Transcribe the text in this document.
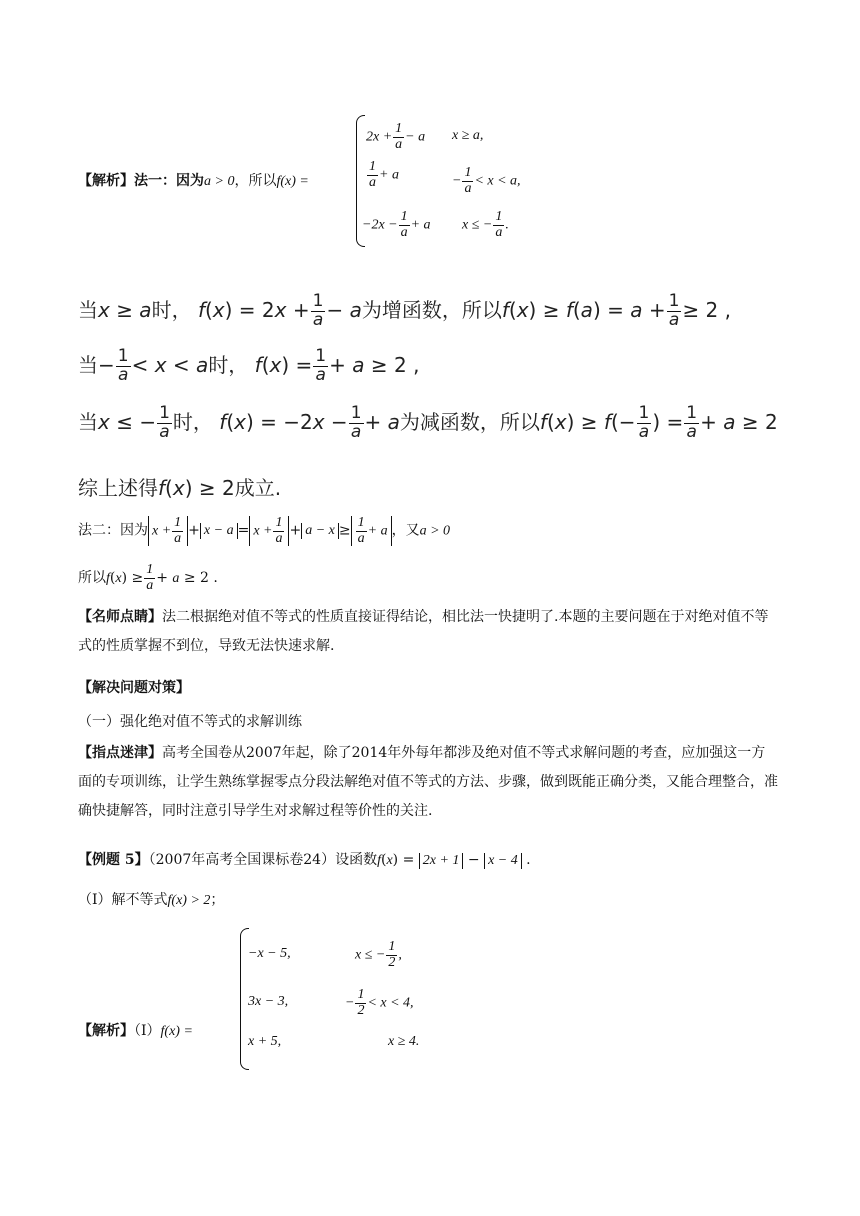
【解析】法一：因为a > 0，所以f(x) =
$2x + \frac{1}{a} - a$ x ≥ a,
$\frac{1}{a} + a$	− $\frac{1}{a} < x < a$,
$-2x - \frac{1}{a} + a$ x ≤ − $\frac{1}{a}$ .
当x ≥ a时， $f(x) = 2x + \frac{1}{a} - a$为增函数，所以$f(x) \ge f(a) = a + \frac{1}{a} \ge 2$ ,
当− $\frac{1}{a} < x < a$时， $f(x) = \frac{1}{a} + a \ge 2$ ,
当x ≤ − $\frac{1}{a}$ 时， $f(x) = -2x - \frac{1}{a} + a$为减函数，所以$f(x) \ge f(- \frac{1}{a}$ ) = $\frac{1}{a} + a \ge 2$
综上述得f(x) ≥ 2成立.
法二：因为 $x + \frac{1}{a} + x - a = x + \frac{1}{a} + a - x \ge \frac{1}{a} + a$ ，又a > 0
所以$f(x) \ge \frac{1}{a} + a \ge 2$ .
【名师点睛】法二根据绝对值不等式的性质直接证得结论，相比法一快捷明了.本题的主要问题在于对绝对值不等式的性质掌握不到位，导致无法快速求解.
【解决问题对策】
（一）强化绝对值不等式的求解训练
【指点迷津】高考全国卷从2007年起，除了2014年外每年都涉及绝对值不等式求解问题的考查，应加强这一方面的专项训练，让学生熟练掌握零点分段法解绝对值不等式的方法、步骤，做到既能正确分类，又能合理整合，准确快捷解答，同时注意引导学生对求解过程等价性的关注.
【例题 5】（2007年高考全国课标卷24）设函数f(x) = 2x + 1 − x − 4 .
（I）解不等式f(x) > 2；
【解析】（Ⅰ）f(x) =
−x − 5,	x ≤ − $\frac{1}{2}$ ,
3x − 3,	− $\frac{1}{2} < x < 4$,
x + 5,	x ≥ 4.
